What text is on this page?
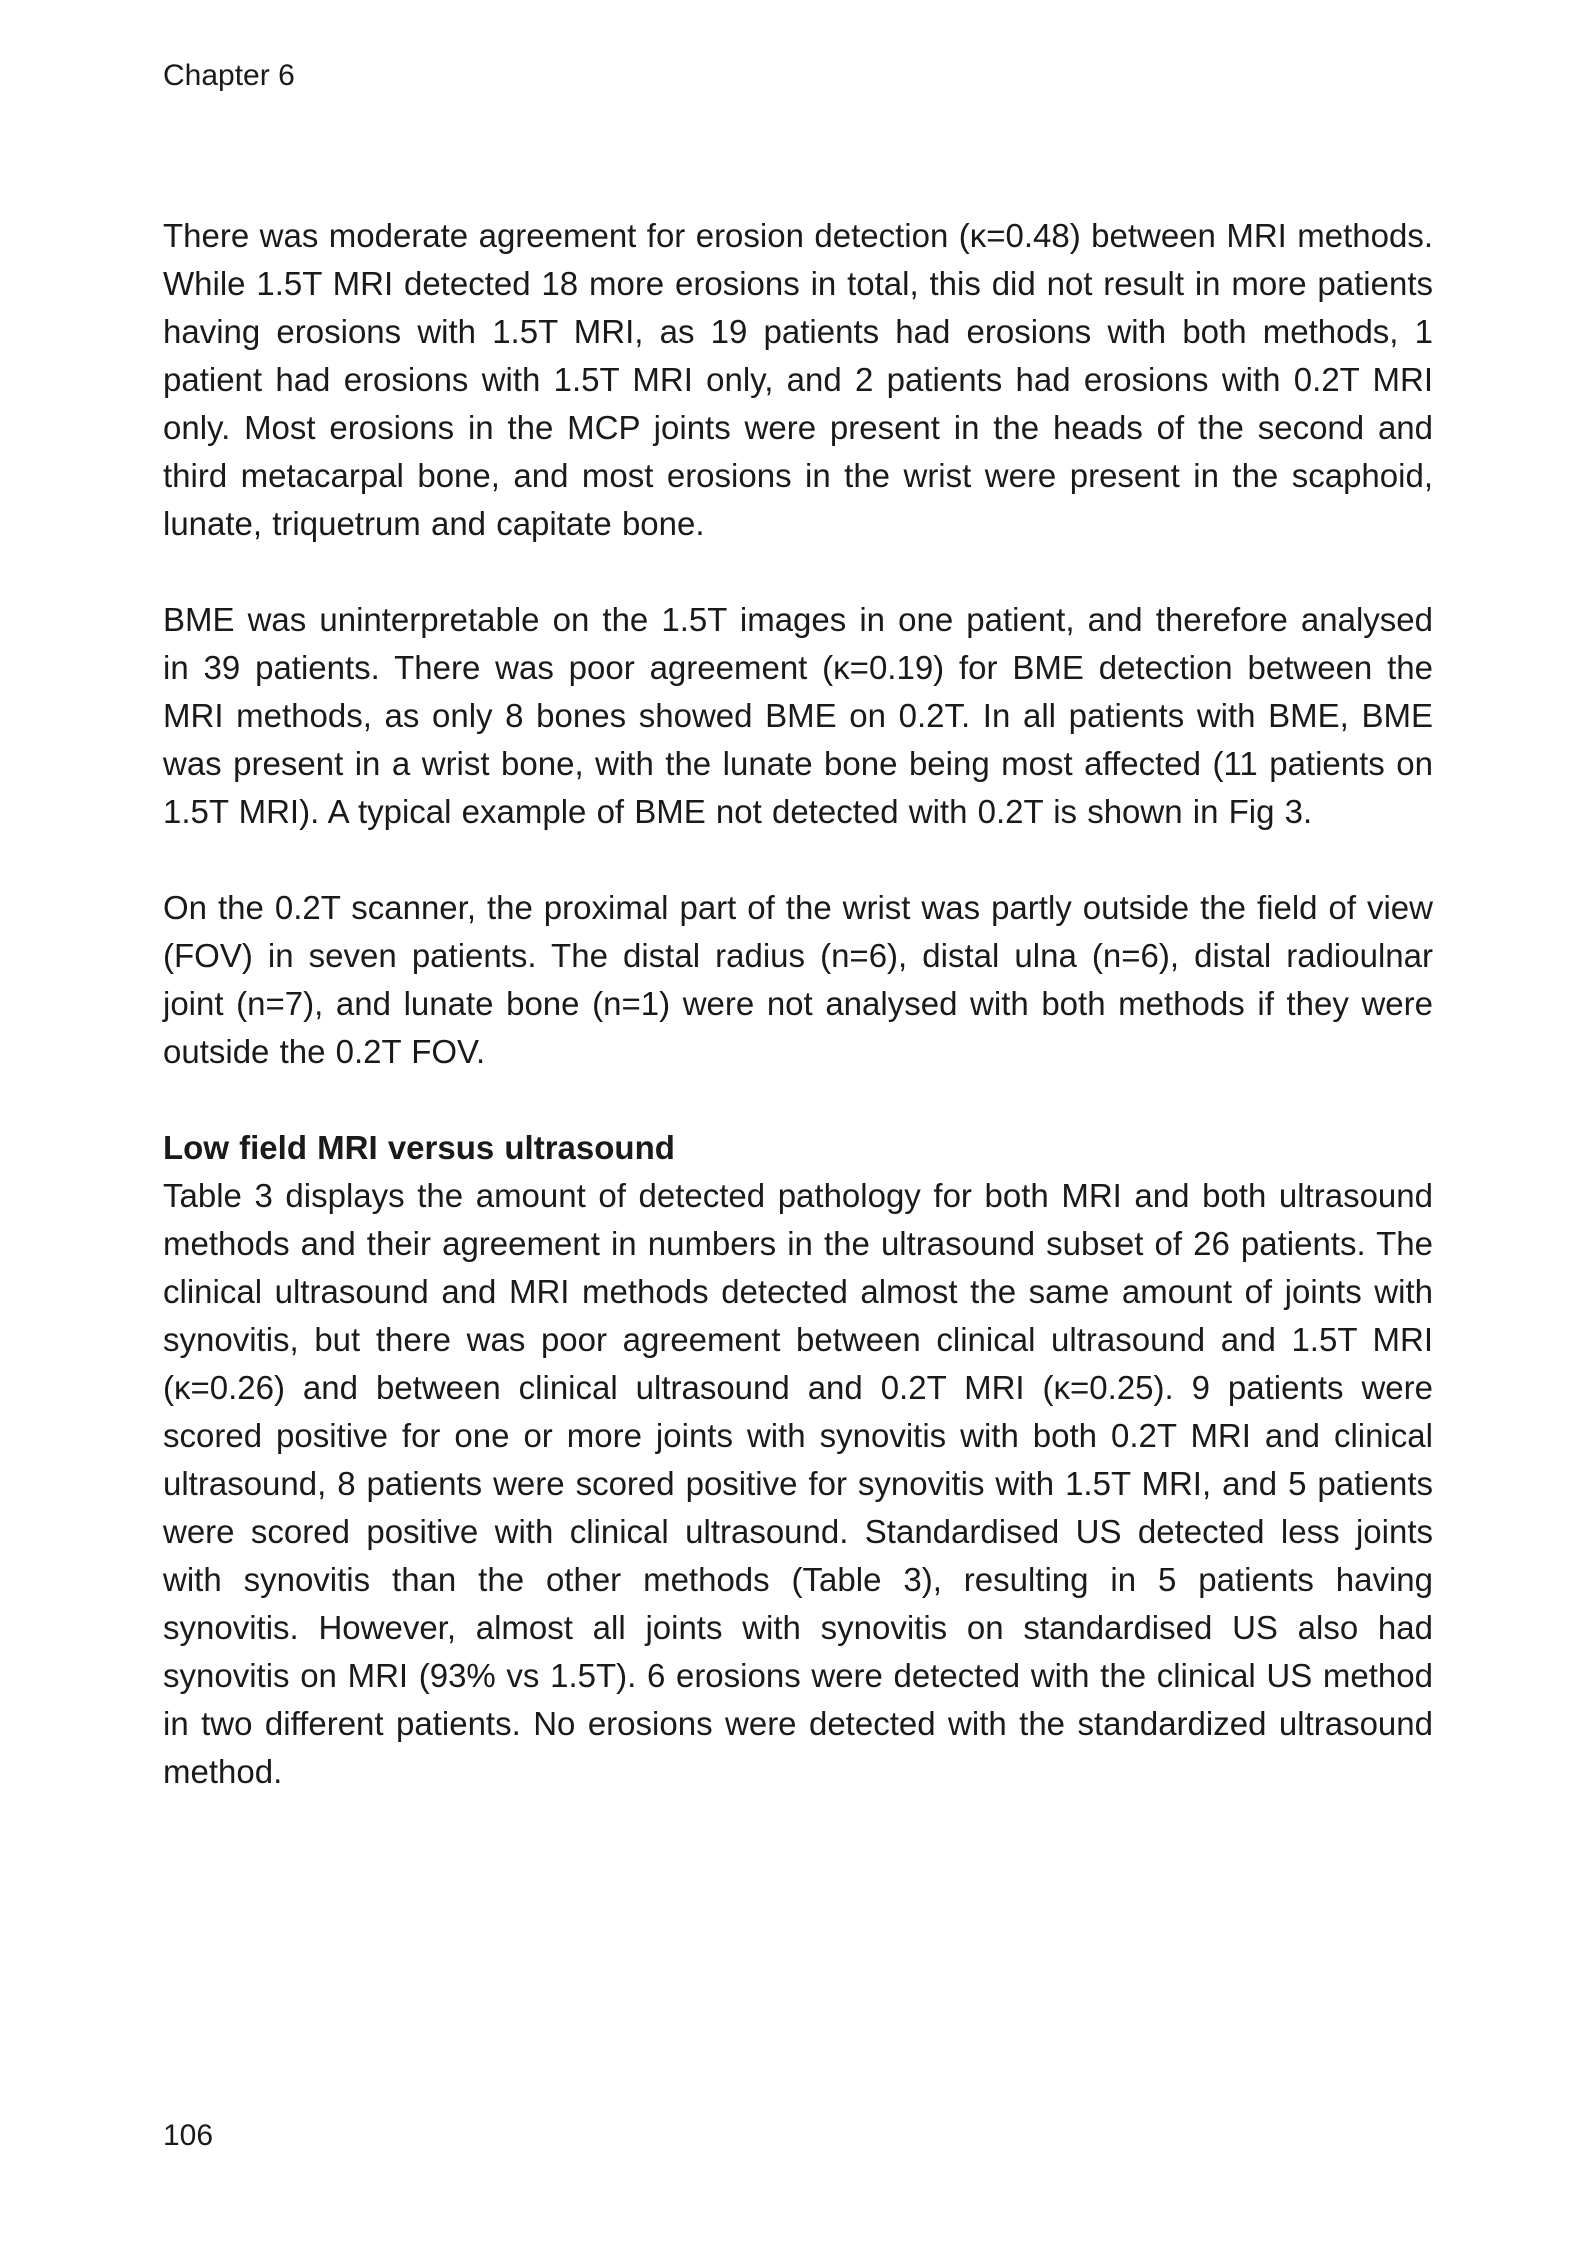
Chapter 6

There was moderate agreement for erosion detection (κ=0.48) between MRI methods. While 1.5T MRI detected 18 more erosions in total, this did not result in more patients having erosions with 1.5T MRI, as 19 patients had erosions with both methods, 1 patient had erosions with 1.5T MRI only, and 2 patients had erosions with 0.2T MRI only. Most erosions in the MCP joints were present in the heads of the second and third metacarpal bone, and most erosions in the wrist were present in the scaphoid, lunate, triquetrum and capitate bone.

BME was uninterpretable on the 1.5T images in one patient, and therefore analysed in 39 patients. There was poor agreement (κ=0.19) for BME detection between the MRI methods, as only 8 bones showed BME on 0.2T. In all patients with BME, BME was present in a wrist bone, with the lunate bone being most affected (11 patients on 1.5T MRI). A typical example of BME not detected with 0.2T is shown in Fig 3.

On the 0.2T scanner, the proximal part of the wrist was partly outside the field of view (FOV) in seven patients. The distal radius (n=6), distal ulna (n=6), distal radioulnar joint (n=7), and lunate bone (n=1) were not analysed with both methods if they were outside the 0.2T FOV.

Low field MRI versus ultrasound

Table 3 displays the amount of detected pathology for both MRI and both ultrasound methods and their agreement in numbers in the ultrasound subset of 26 patients. The clinical ultrasound and MRI methods detected almost the same amount of joints with synovitis, but there was poor agreement between clinical ultrasound and 1.5T MRI (κ=0.26) and between clinical ultrasound and 0.2T MRI (κ=0.25). 9 patients were scored positive for one or more joints with synovitis with both 0.2T MRI and clinical ultrasound, 8 patients were scored positive for synovitis with 1.5T MRI, and 5 patients were scored positive with clinical ultrasound. Standardised US detected less joints with synovitis than the other methods (Table 3), resulting in 5 patients having synovitis. However, almost all joints with synovitis on standardised US also had synovitis on MRI (93% vs 1.5T). 6 erosions were detected with the clinical US method in two different patients. No erosions were detected with the standardized ultrasound method.

106
